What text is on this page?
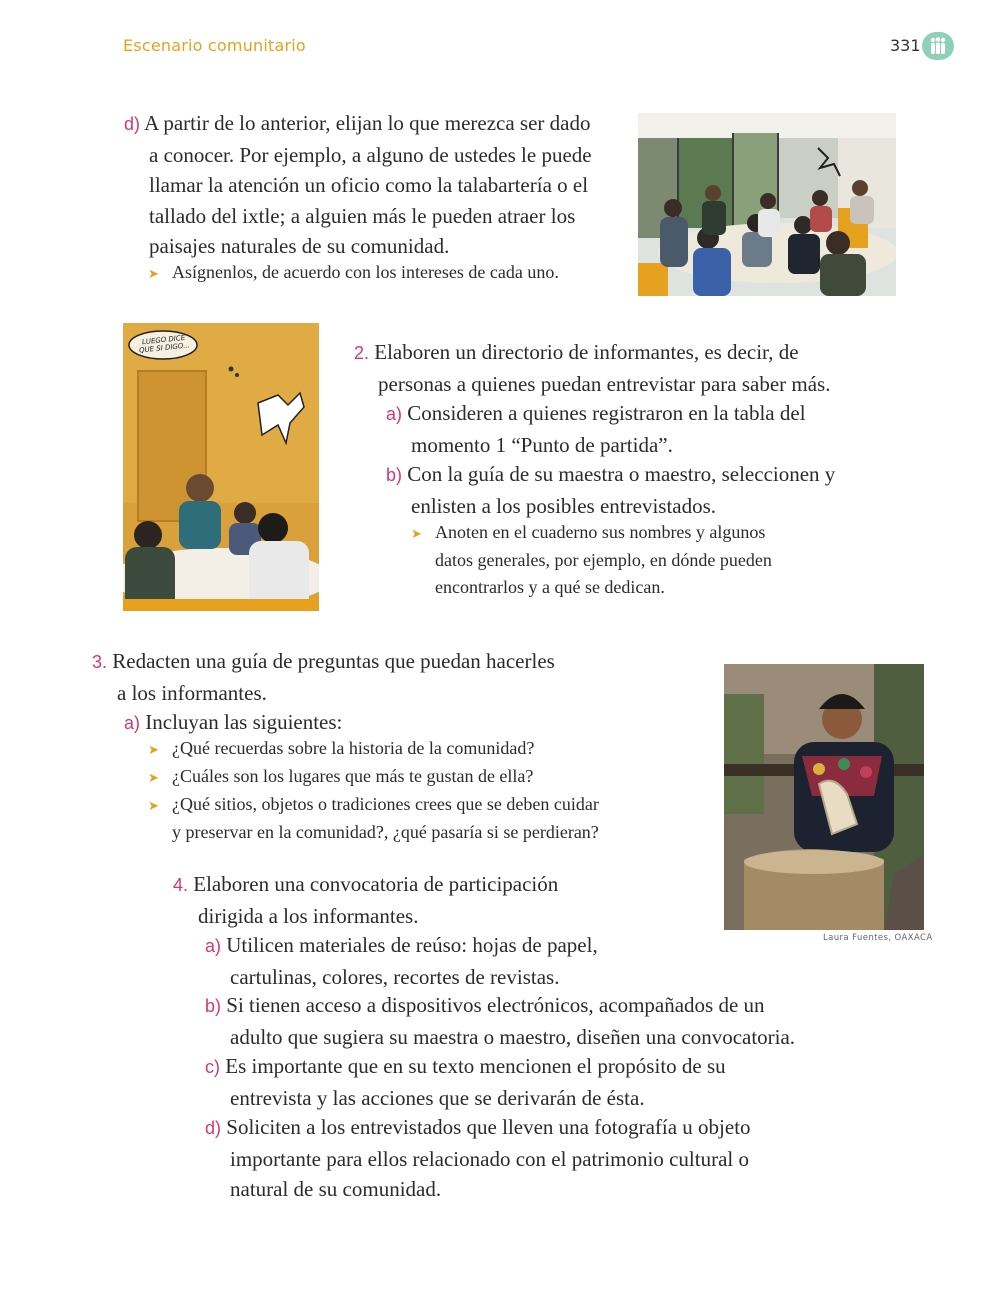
Escenario comunitario	331
d) A partir de lo anterior, elijan lo que merezca ser dado
a conocer. Por ejemplo, a alguno de ustedes le puede
llamar la atención un oficio como la talabartería o el
tallado del ixtle; a alguien más le pueden atraer los
paisajes naturales de su comunidad.
➤ Asígnenlos, de acuerdo con los intereses de cada uno.
LUEGO DICE QUE SI DIGO...	2. Elaboren un directorio de informantes, es decir, de
personas a quienes puedan entrevistar para saber más.
a) Consideren a quienes registraron en la tabla del
momento 1 “Punto de partida”.
b) Con la guía de su maestra o maestro, seleccionen y
enlisten a los posibles entrevistados.
➤ Anoten en el cuaderno sus nombres y algunos
datos generales, por ejemplo, en dónde pueden
encontrarlos y a qué se dedican.
3. Redacten una guía de preguntas que puedan hacerles
a los informantes.
a) Incluyan las siguientes:
➤ ¿Qué recuerdas sobre la historia de la comunidad?
➤ ¿Cuáles son los lugares que más te gustan de ella?
➤ ¿Qué sitios, objetos o tradiciones crees que se deben cuidar
y preservar en la comunidad?, ¿qué pasaría si se perdieran?
Laura Fuentes, OAXACA
4. Elaboren una convocatoria de participación
dirigida a los informantes.
a) Utilicen materiales de reúso: hojas de papel,
cartulinas, colores, recortes de revistas.
b) Si tienen acceso a dispositivos electrónicos, acompañados de un
adulto que sugiera su maestra o maestro, diseñen una convocatoria.
c) Es importante que en su texto mencionen el propósito de su
entrevista y las acciones que se derivarán de ésta.
d) Soliciten a los entrevistados que lleven una fotografía u objeto
importante para ellos relacionado con el patrimonio cultural o
natural de su comunidad.
